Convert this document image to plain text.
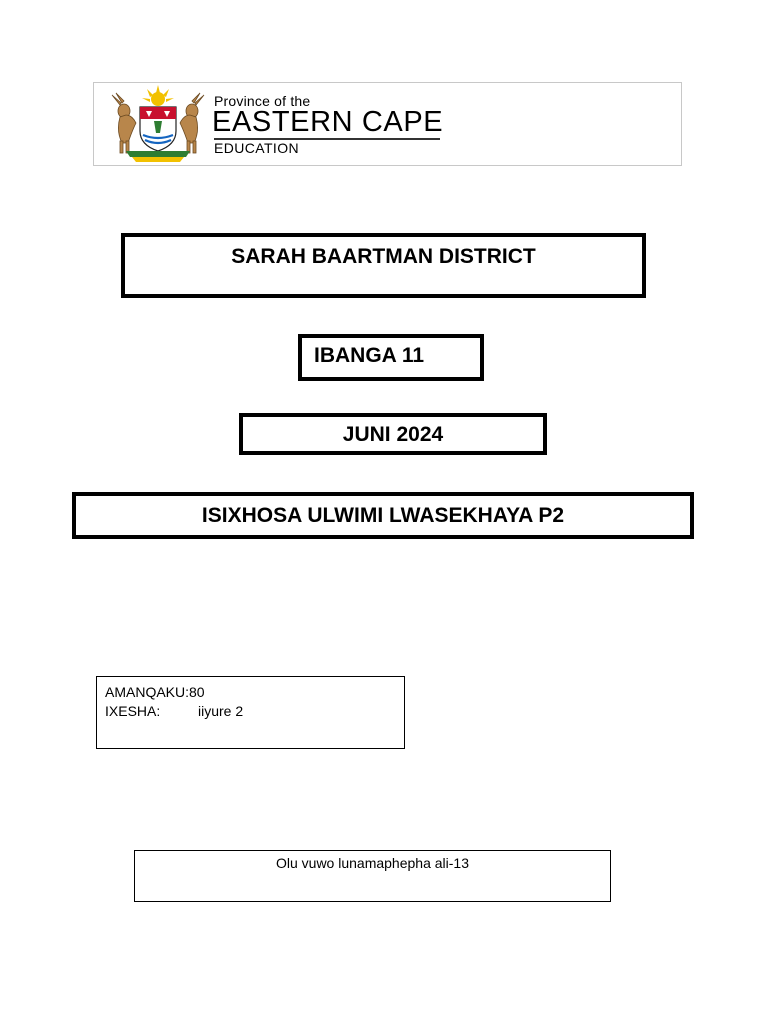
Province of the
EASTERN CAPE
EDUCATION
SARAH BAARTMAN DISTRICT
IBANGA 11
JUNI 2024
ISIXHOSA ULWIMI LWASEKHAYA P2
AMANQAKU:80
IXESHA:	iiyure 2
Olu vuwo lunamaphepha ali-13
